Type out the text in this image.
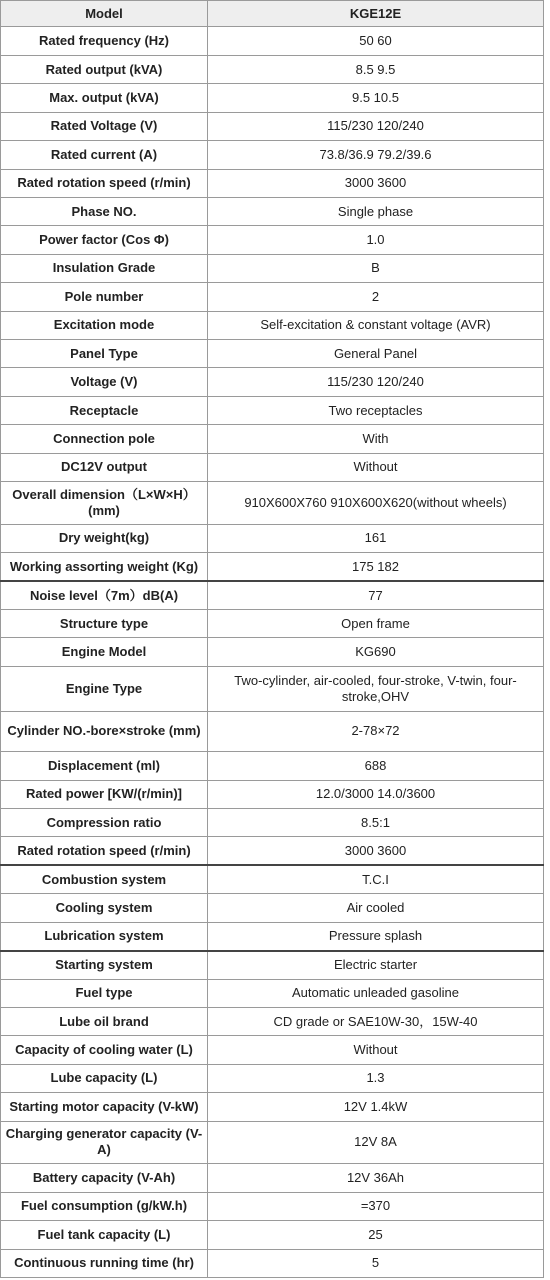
Model	KGE12E
Rated frequency (Hz)	50 60
Rated output (kVA)	8.5 9.5
Max. output (kVA)	9.5 10.5
Rated Voltage (V)	115/230 120/240
Rated current (A)	73.8/36.9 79.2/39.6
Rated rotation speed (r/min)	3000 3600
Phase NO.	Single phase
Power factor (Cos Φ)	1.0
Insulation Grade	B
Pole number	2
Excitation mode	Self-excitation & constant voltage (AVR)
Panel Type	General Panel
Voltage (V)	115/230 120/240
Receptacle	Two receptacles
Connection pole	With
DC12V output	Without
Overall dimension（L×W×H）(mm)	910X600X760 910X600X620(without wheels)
Dry weight(kg)	161
Working assorting weight (Kg)	175 182
Noise level（7m）dB(A)	77
Structure type	Open frame
Engine Model	KG690
Engine Type	Two-cylinder, air-cooled, four-stroke, V-twin, four-stroke,OHV
Cylinder NO.-bore×stroke (mm)	2-78×72
Displacement (ml)	688
Rated power [KW/(r/min)]	12.0/3000 14.0/3600
Compression ratio	8.5:1
Rated rotation speed (r/min)	3000 3600
Combustion system	T.C.I
Cooling system	Air cooled
Lubrication system	Pressure splash
Starting system	Electric starter
Fuel type	Automatic unleaded gasoline
Lube oil brand	CD grade or SAE10W-30，15W-40
Capacity of cooling water (L)	Without
Lube capacity (L)	1.3
Starting motor capacity (V-kW)	12V 1.4kW
Charging generator capacity (V-A)	12V 8A
Battery capacity (V-Ah)	12V 36Ah
Fuel consumption (g/kW.h)	=370
Fuel tank capacity (L)	25
Continuous running time (hr)	5
